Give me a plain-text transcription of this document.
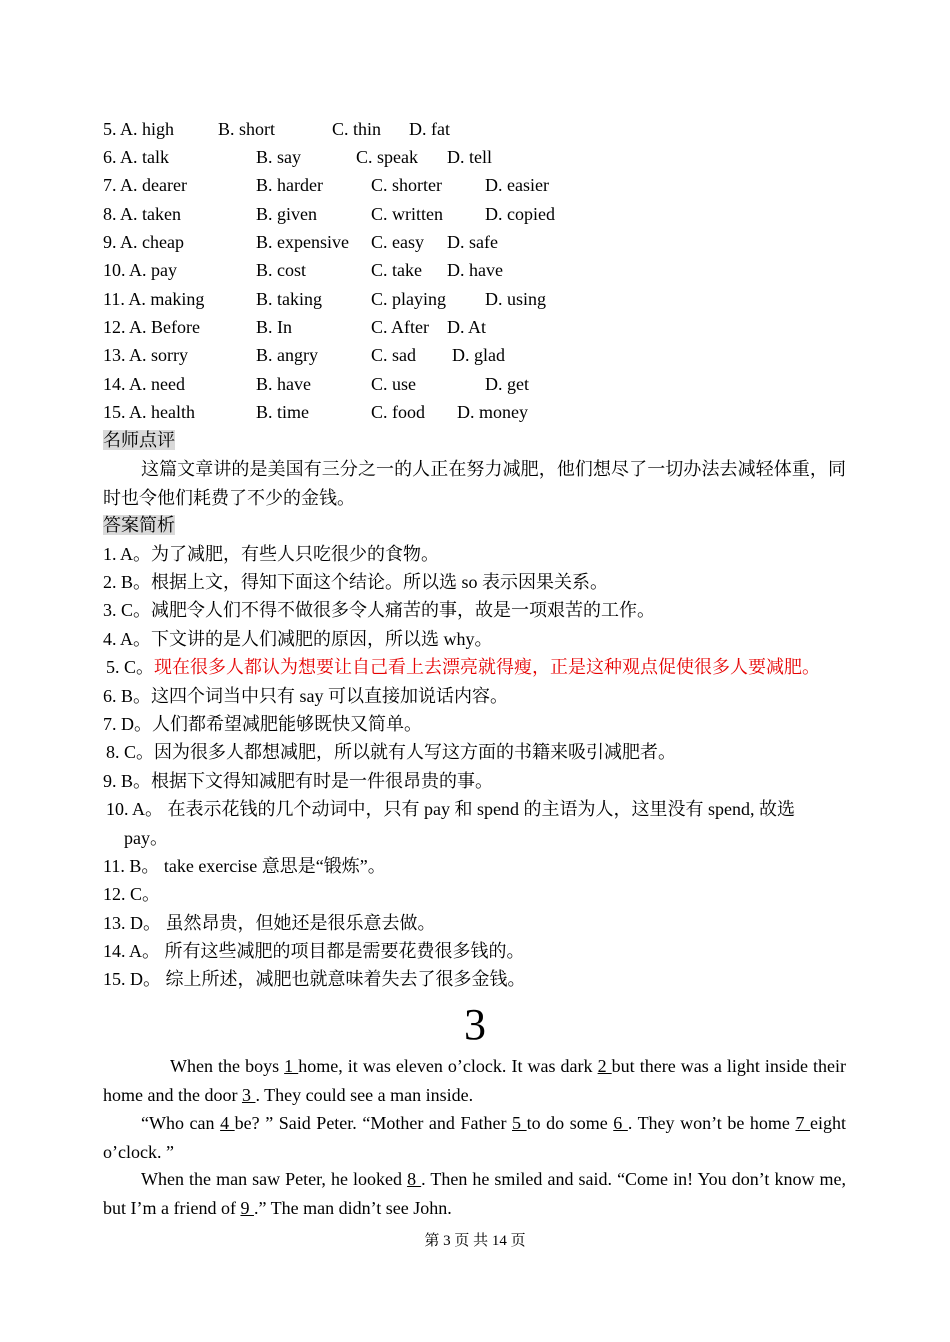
5. A. high B. short	C. thin D. fat
6. A. talk	B. say	C. speak D. tell
7. A. dearer	B. harder	C. shorter D. easier
8. A. taken	B. given	C. written D. copied
9. A. cheap	B. expensive C. easy D. safe
10. A. pay	B. cost	C. take D. have
11. A. making	B. taking	C. playing D. using
12. A. Before	B. In	C. After D. At
13. A. sorry	B. angry	C. sad D. glad
14. A. need	B. have	C. use	D. get
15. A. health	B. time	C. food D. money
名师点评
这篇文章讲的是美国有三分之一的人正在努力减肥，他们想尽了一切办法去减轻体重，同时也令他们耗费了不少的金钱。
答案简析
1. A。为了减肥，有些人只吃很少的食物。
2. B。根据上文，得知下面这个结论。所以选 so 表示因果关系。
3. C。减肥令人们不得不做很多令人痛苦的事，故是一项艰苦的工作。
4. A。下文讲的是人们减肥的原因，所以选 why。
5. C。现在很多人都认为想要让自己看上去漂亮就得瘦，正是这种观点促使很多人要减肥。
6. B。这四个词当中只有 say 可以直接加说话内容。
7. D。人们都希望减肥能够既快又简单。
8. C。因为很多人都想减肥，所以就有人写这方面的书籍来吸引减肥者。
9. B。根据下文得知减肥有时是一件很昂贵的事。
10. A。 在表示花钱的几个动词中，只有 pay 和 spend 的主语为人，这里没有 spend, 故选
pay。
11. B。 take exercise 意思是“锻炼”。
12. C。
13. D。 虽然昂贵，但她还是很乐意去做。
14. A。 所有这些减肥的项目都是需要花费很多钱的。
15. D。 综上所述，减肥也就意味着失去了很多金钱。
3
When the boys 1 home, it was eleven o’clock. It was dark 2 but there was a light inside their home and the door 3 . They could see a man inside.
“Who can 4 be? ” Said Peter. “Mother and Father 5 to do some 6 . They won’t be home 7 eight o’clock. ”
When the man saw Peter, he looked 8 . Then he smiled and said. “Come in! You don’t know me, but I’m a friend of 9 .” The man didn’t see John.
第 3 页 共 14 页
